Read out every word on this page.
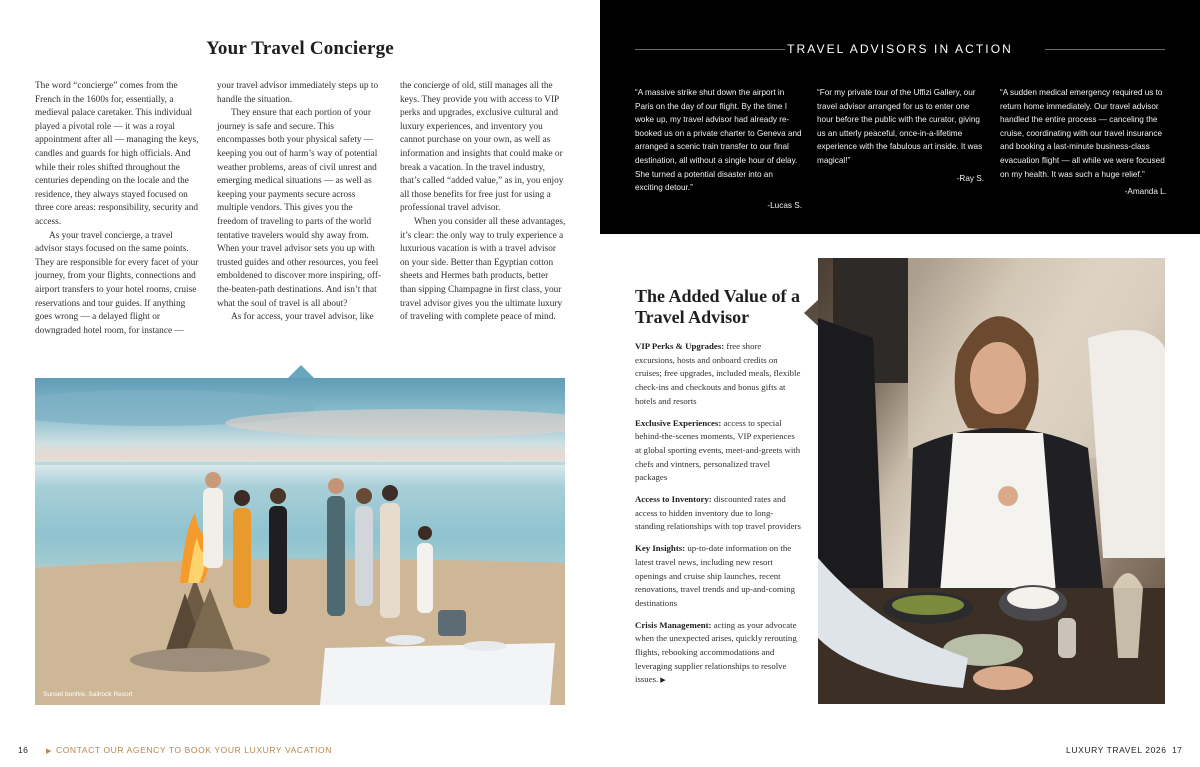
Your Travel Concierge

The word “concierge” comes from the French in the 1600s for, essentially, a medieval palace caretaker. This individual played a pivotal role — it was a royal appointment after all — managing the keys, candles and guards for high officials. And while their roles shifted throughout the centuries depending on the locale and the residence, they always stayed focused on three core areas: responsibility, security and access.

As your travel concierge, a travel advisor stays focused on the same points. They are responsible for every facet of your journey, from your flights, connections and airport transfers to your hotel rooms, cruise reservations and tour guides. If anything goes wrong — a delayed flight or downgraded hotel room, for instance —

your travel advisor immediately steps up to handle the situation.

They ensure that each portion of your journey is safe and secure. This encompasses both your physical safety — keeping you out of harm’s way of potential weather problems, areas of civil unrest and emerging medical situations — as well as keeping your payments secure across multiple vendors. This gives you the freedom of traveling to parts of the world tentative travelers would shy away from. When your travel advisor sets you up with trusted guides and other resources, you feel emboldened to discover more inspiring, off-the-beaten-path destinations. And isn’t that what the soul of travel is all about?

As for access, your travel advisor, like

the concierge of old, still manages all the keys. They provide you with access to VIP perks and upgrades, exclusive cultural and luxury experiences, and inventory you cannot purchase on your own, as well as information and insights that could make or break a vacation. In the travel industry, that’s called “added value,” as in, you enjoy all those benefits for free just for using a professional travel advisor.

When you consider all these advantages, it’s clear: the only way to truly experience a luxurious vacation is with a travel advisor on your side. Better than Egyptian cotton sheets and Hermes bath products, better than sipping Champagne in first class, your travel advisor gives you the ultimate luxury of traveling with complete peace of mind.

Sunset bonfire, Sailrock Resort
TRAVEL ADVISORS IN ACTION

“A massive strike shut down the airport in Paris on the day of our flight. By the time I woke up, my travel advisor had already re-booked us on a private charter to Geneva and arranged a scenic train transfer to our final destination, all without a single hour of delay. She turned a potential disaster into an exciting detour.”

-Lucas S.

“For my private tour of the Uffizi Gallery, our travel advisor arranged for us to enter one hour before the public with the curator, giving us an utterly peaceful, once-in-a-lifetime experience with the fabulous art inside. It was magical!”

-Ray S.

“A sudden medical emergency required us to return home immediately. Our travel advisor handled the entire process — canceling the cruise, coordinating with our travel insurance and booking a last-minute business-class evacuation flight — all while we were focused on my health. It was such a huge relief.”

-Amanda L.

The Added Value of a Travel Advisor

VIP Perks & Upgrades: free shore excursions, hosts and onboard credits on cruises; free upgrades, included meals, flexible check-ins and checkouts and bonus gifts at hotels and resorts

Exclusive Experiences: access to special behind-the-scenes moments, VIP experiences at global sporting events, meet-and-greets with chefs and vintners, personalized travel packages

Access to Inventory: discounted rates and access to hidden inventory due to long-standing relationships with top travel providers

Key Insights: up-to-date information on the latest travel news, including new resort openings and cruise ship launches, recent renovations, travel trends and up-and-coming destinations

Crisis Management: acting as your advocate when the unexpected arises, quickly rerouting flights, rebooking accommodations and leveraging supplier relationships to resolve issues. ▶

16	▶ CONTACT OUR AGENCY TO BOOK YOUR LUXURY VACATION	LUXURY TRAVEL 2026 17
